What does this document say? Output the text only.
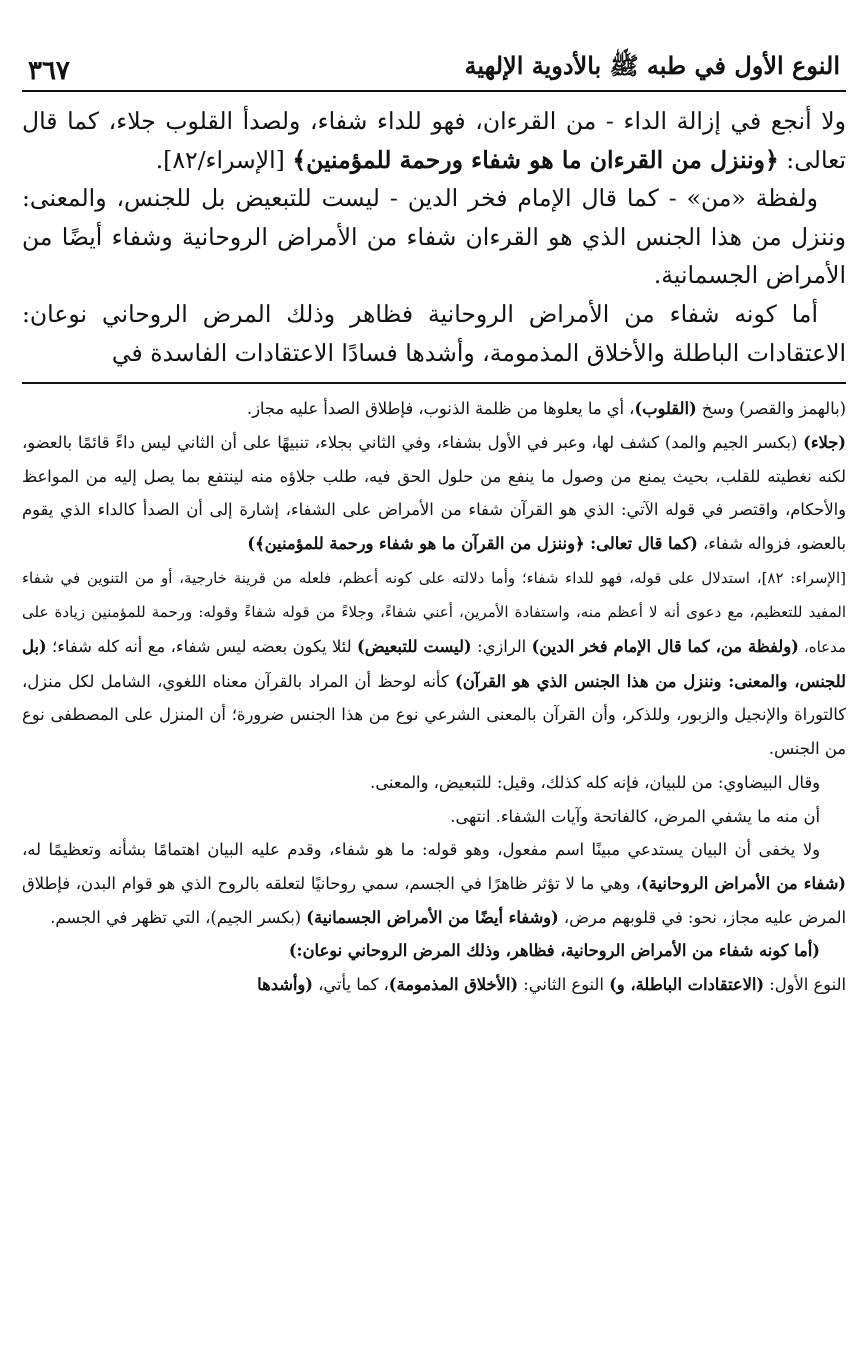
النوع الأول في طبه ﷺ بالأدوية الإلهية
٣٦٧

ولا أنجع في إزالة الداء - من القرءان، فهو للداء شفاء، ولصدأ القلوب جلاء، كما قال تعالى: ﴿وننزل من القرءان ما هو شفاء ورحمة للمؤمنين﴾ [الإسراء/٨٢].

ولفظة «من» - كما قال الإمام فخر الدين - ليست للتبعيض بل للجنس، والمعنى: وننزل من هذا الجنس الذي هو القرءان شفاء من الأمراض الروحانية وشفاء أيضًا من الأمراض الجسمانية.

أما كونه شفاء من الأمراض الروحانية فظاهر وذلك المرض الروحاني نوعان: الاعتقادات الباطلة والأخلاق المذمومة، وأشدها فسادًا الاعتقادات الفاسدة في

(بالهمز والقصر) وسخ (القلوب)، أي ما يعلوها من ظلمة الذنوب، فإطلاق الصدأ عليه مجاز.

(جلاء) (بكسر الجيم والمد) كشف لها، وعبر في الأول بشفاء، وفي الثاني بجلاء، تنبيهًا على أن الثاني ليس داءً قائمًا بالعضو، لكنه نغطيته للقلب، بحيث يمنع من وصول ما ينفع من حلول الحق فيه، طلب جلاؤه منه لينتفع بما يصل إليه من المواعظ والأحكام، واقتصر في قوله الآتي: الذي هو القرآن شفاء من الأمراض على الشفاء، إشارة إلى أن الصدأ كالداء الذي يقوم بالعضو، فزواله شفاء، (كما قال تعالى: ﴿وننزل من القرآن ما هو شفاء ورحمة للمؤمنين﴾)

[الإسراء: ٨٢]، استدلال على قوله، فهو للداء شفاء؛ وأما دلالته على كونه أعظم، فلعله من قرينة خارجية، أو من التنوين في شفاء المفيد للتعظيم، مع دعوى أنه لا أعظم منه، واستفادة الأمرين، أعني شفاءً، وجلاءً من قوله شفاءً وقوله: ورحمة للمؤمنين زيادة على مدعاه، (ولفظة من، كما قال الإمام فخر الدين) الرازي: (ليست للتبعيض) لئلا يكون بعضه ليس شفاء، مع أنه كله شفاء؛ (بل للجنس، والمعنى: وننزل من هذا الجنس الذي هو القرآن) كأنه لوحظ أن المراد بالقرآن معناه اللغوي، الشامل لكل منزل، كالتوراة والإنجيل والزبور، وللذكر، وأن القرآن بالمعنى الشرعي نوع من هذا الجنس ضرورة؛ أن المنزل على المصطفى نوع من الجنس.

وقال البيضاوي: من للبيان، فإنه كله كذلك، وقيل: للتبعيض، والمعنى.

أن منه ما يشفي المرض، كالفاتحة وآيات الشفاء. انتهى.

ولا يخفى أن البيان يستدعي مبينًا اسم مفعول، وهو قوله: ما هو شفاء، وقدم عليه البيان اهتمامًا بشأنه وتعظيمًا له، (شفاء من الأمراض الروحانية)، وهي ما لا تؤثر ظاهرًا في الجسم، سمي روحانيًا لتعلقه بالروح الذي هو قوام البدن، فإطلاق المرض عليه مجاز، نحو: في قلوبهم مرض، (وشفاء أيضًا من الأمراض الجسمانية) (بكسر الجيم)، التي تظهر في الجسم.

(أما كونه شفاء من الأمراض الروحانية، فظاهر، وذلك المرض الروحاني نوعان:)

النوع الأول: (الاعتقادات الباطلة، و) النوع الثاني: (الأخلاق المذمومة)، كما يأتي، (وأشدها
